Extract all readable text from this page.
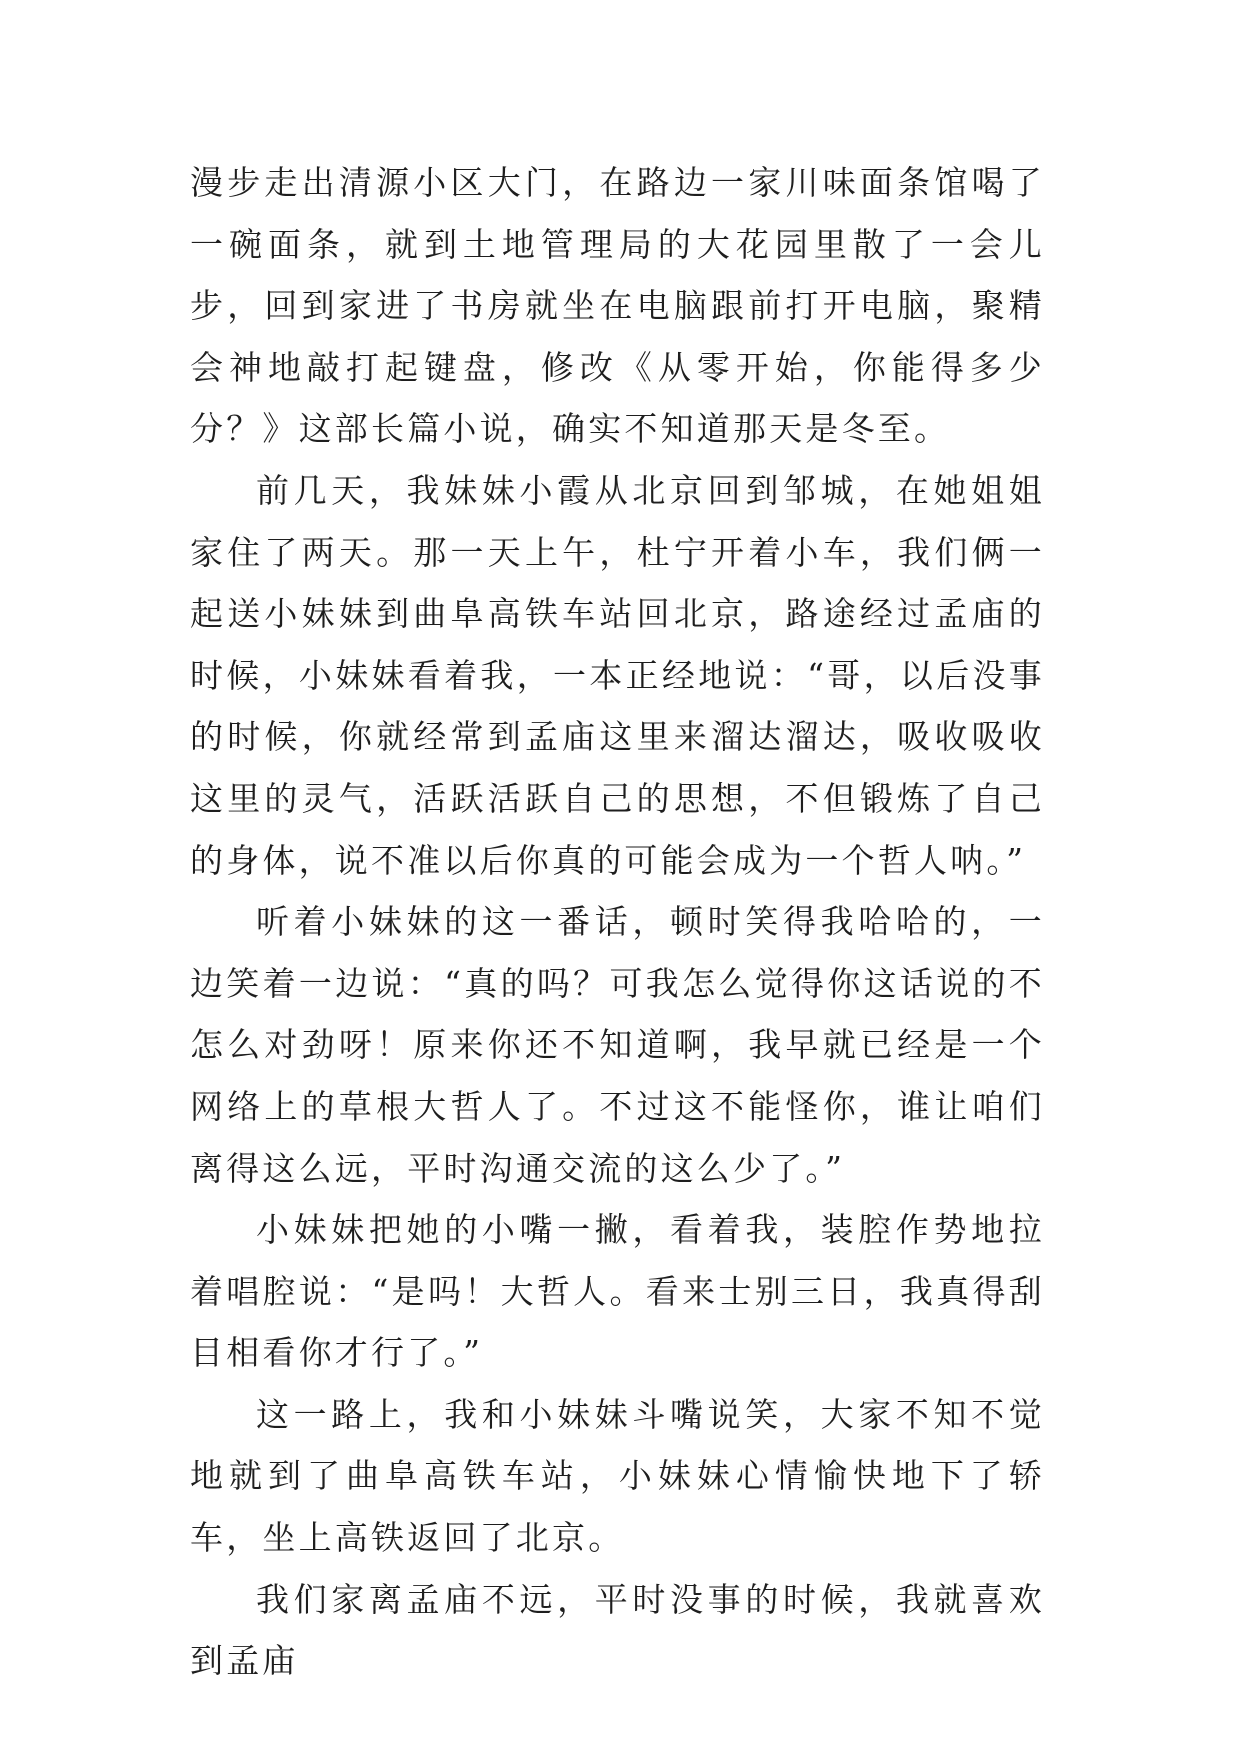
漫步走出清源小区大门，在路边一家川味面条馆喝了一碗面条，就到土地管理局的大花园里散了一会儿步，回到家进了书房就坐在电脑跟前打开电脑，聚精会神地敲打起键盘，修改《从零开始，你能得多少分？》这部长篇小说，确实不知道那天是冬至。

前几天，我妹妹小霞从北京回到邹城，在她姐姐家住了两天。那一天上午，杜宁开着小车，我们俩一起送小妹妹到曲阜高铁车站回北京，路途经过孟庙的时候，小妹妹看着我，一本正经地说：“哥，以后没事的时候，你就经常到孟庙这里来溜达溜达，吸收吸收这里的灵气，活跃活跃自己的思想，不但锻炼了自己的身体，说不准以后你真的可能会成为一个哲人呐。”

听着小妹妹的这一番话，顿时笑得我哈哈的，一边笑着一边说：“真的吗？可我怎么觉得你这话说的不怎么对劲呀！原来你还不知道啊，我早就已经是一个网络上的草根大哲人了。不过这不能怪你，谁让咱们离得这么远，平时沟通交流的这么少了。”

小妹妹把她的小嘴一撇，看着我，装腔作势地拉着唱腔说：“是吗！大哲人。看来士别三日，我真得刮目相看你才行了。”

这一路上，我和小妹妹斗嘴说笑，大家不知不觉地就到了曲阜高铁车站，小妹妹心情愉快地下了轿车，坐上高铁返回了北京。

我们家离孟庙不远，平时没事的时候，我就喜欢到孟庙
